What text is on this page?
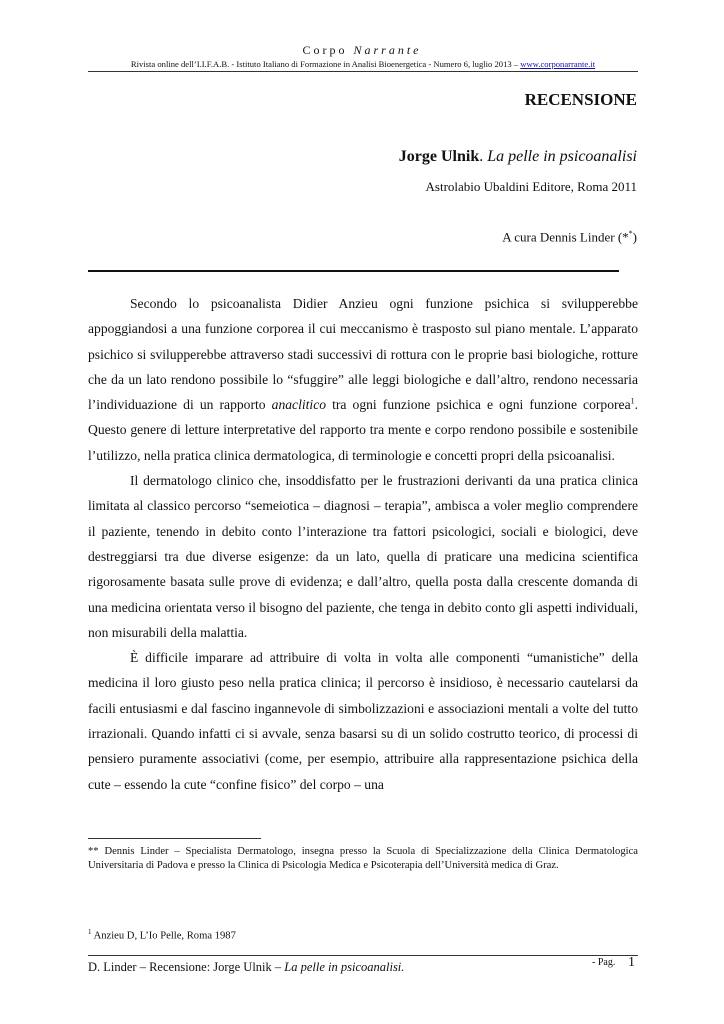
Corpo Narrante
Rivista online dell’I.I.F.A.B. - Istituto Italiano di Formazione in Analisi Bioenergetica - Numero 6, luglio 2013 – www.corponarrante.it
RECENSIONE
Jorge Ulnik. La pelle in psicoanalisi
Astrolabio Ubaldini Editore, Roma 2011
A cura Dennis Linder (**)

Secondo lo psicoanalista Didier Anzieu ogni funzione psichica si svilupperebbe appoggiandosi a una funzione corporea il cui meccanismo è trasposto sul piano mentale. L’apparato psichico si svilupperebbe attraverso stadi successivi di rottura con le proprie basi biologiche, rotture che da un lato rendono possibile lo “sfuggire” alle leggi biologiche e dall’altro, rendono necessaria l’individuazione di un rapporto anaclitico tra ogni funzione psichica e ogni funzione corporea$^1$. Questo genere di letture interpretative del rapporto tra mente e corpo rendono possibile e sostenibile l’utilizzo, nella pratica clinica dermatologica, di terminologie e concetti propri della psicoanalisi.

Il dermatologo clinico che, insoddisfatto per le frustrazioni derivanti da una pratica clinica limitata al classico percorso “semeiotica – diagnosi – terapia”, ambisca a voler meglio comprendere il paziente, tenendo in debito conto l’interazione tra fattori psicologici, sociali e biologici, deve destreggiarsi tra due diverse esigenze: da un lato, quella di praticare una medicina scientifica rigorosamente basata sulle prove di evidenza; e dall’altro, quella posta dalla crescente domanda di una medicina orientata verso il bisogno del paziente, che tenga in debito conto gli aspetti individuali, non misurabili della malattia.

È difficile imparare ad attribuire di volta in volta alle componenti “umanistiche” della medicina il loro giusto peso nella pratica clinica; il percorso è insidioso, è necessario cautelarsi da facili entusiasmi e dal fascino ingannevole di simbolizzazioni e associazioni mentali a volte del tutto irrazionali. Quando infatti ci si avvale, senza basarsi su di un solido costrutto teorico, di processi di pensiero puramente associativi (come, per esempio, attribuire alla rappresentazione psichica della cute – essendo la cute “confine fisico” del corpo – una

** Dennis Linder – Specialista Dermatologo, insegna presso la Scuola di Specializzazione della Clinica Dermatologica Universitaria di Padova e presso la Clinica di Psicologia Medica e Psicoterapia dell’Università medica di Graz.
$^1$ Anzieu D, L’Io Pelle, Roma 1987
D. Linder – Recensione: Jorge Ulnik – La pelle in psicoanalisi.	- Pag. 1
